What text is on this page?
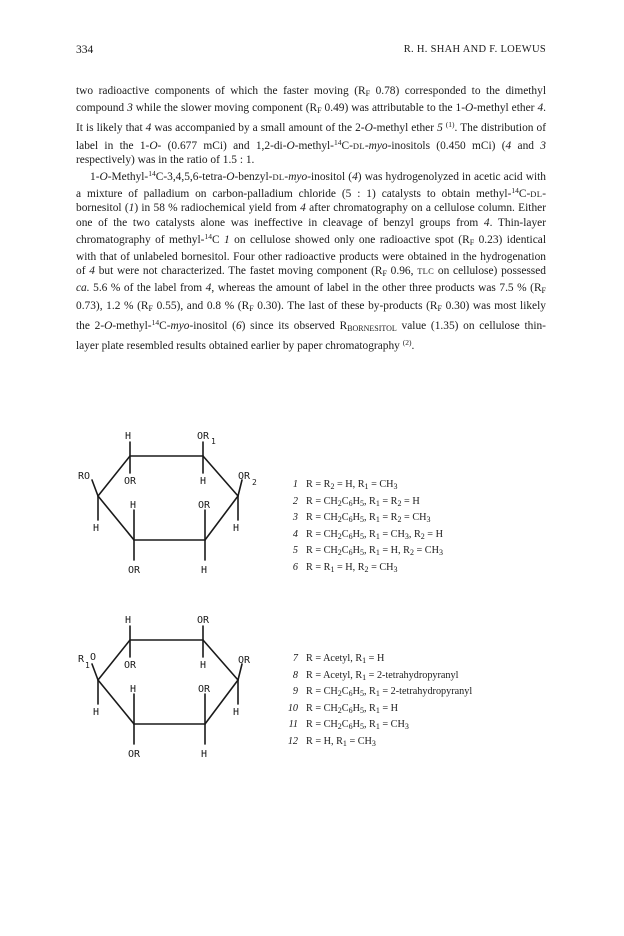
334	R. H. SHAH AND F. LOEWUS

two radioactive components of which the faster moving ($R_F$ 0.78) corresponded to the dimethyl compound 3 while the slower moving component ($R_F$ 0.49) was attributable to the 1-O-methyl ether 4. It is likely that 4 was accompanied by a small amount of the 2-O-methyl ether 5 $^{(1)}$. The distribution of label in the 1-O- (0.677 mCi) and 1,2-di-O-methyl-$^{14}$C-DL-myo-inositols (0.450 mCi) (4 and 3 respectively) was in the ratio of 1.5 : 1.

1-O-Methyl-$^{14}$C-3,4,5,6-tetra-O-benzyl-DL-myo-inositol (4) was hydrogenolyzed in acetic acid with a mixture of palladium on carbon-palladium chloride (5 : 1) catalysts to obtain methyl-$^{14}$C-DL-bornesitol (1) in 58 % radiochemical yield from 4 after chromatography on a cellulose column. Either one of the two catalysts alone was ineffective in cleavage of benzyl groups from 4. Thin-layer chromatography of methyl-$^{14}$C 1 on cellulose showed only one radioactive spot ($R_F$ 0.23) identical with that of unlabeled bornesitol. Four other radioactive products were obtained in the hydrogenation of 4 but were not characterized. The fastet moving component ($R_F$ 0.96, TLC on cellulose) possessed ca. 5.6 % of the label from 4, whereas the amount of label in the other three products was 7.5 % ($R_F$ 0.73), 1.2 % ($R_F$ 0.55), and 0.8 % ($R_F$ 0.30). The last of these by-products ($R_F$ 0.30) was most likely the 2-O-methyl-$^{14}$C-myo-inositol (6) since its observed $R_{BORNESITOL}$ value (1.35) on cellulose thin-layer plate resembled results obtained earlier by paper chromatography $^{(2)}$.

H	OR 1
RO	OR
2
OR	H
H	OR
H	H
OR	H
1 $R = R_2 = H$, $R_1 = CH_3$
2 $R = CH_2C_6H_5$, $R_1 = R_2 = H$
3 $R = CH_2C_6H_5$, $R_1 = R_2 = CH_3$
4 $R = CH_2C_6H_5$, $R_1 = CH_3$, $R_2 = H$
5 $R = CH_2C_6H_5$, $R_1 = H$, $R_2 = CH_3$
6 $R = R_1 = H$, $R_2 = CH_3$
H	OR
R
1
O	OR
OR	H
H	OR
H	H
OR	H
7 R = Acetyl, $R_1 = H$
8 R = Acetyl, $R_1$ = 2-tetrahydropyranyl
9 $R = CH_2C_6H_5$, $R_1$ = 2-tetrahydropyranyl
10 $R = CH_2C_6H_5$, $R_1 = H$
11 $R = CH_2C_6H_5$, $R_1 = CH_3$
12 R = H, $R_1 = CH_3$
